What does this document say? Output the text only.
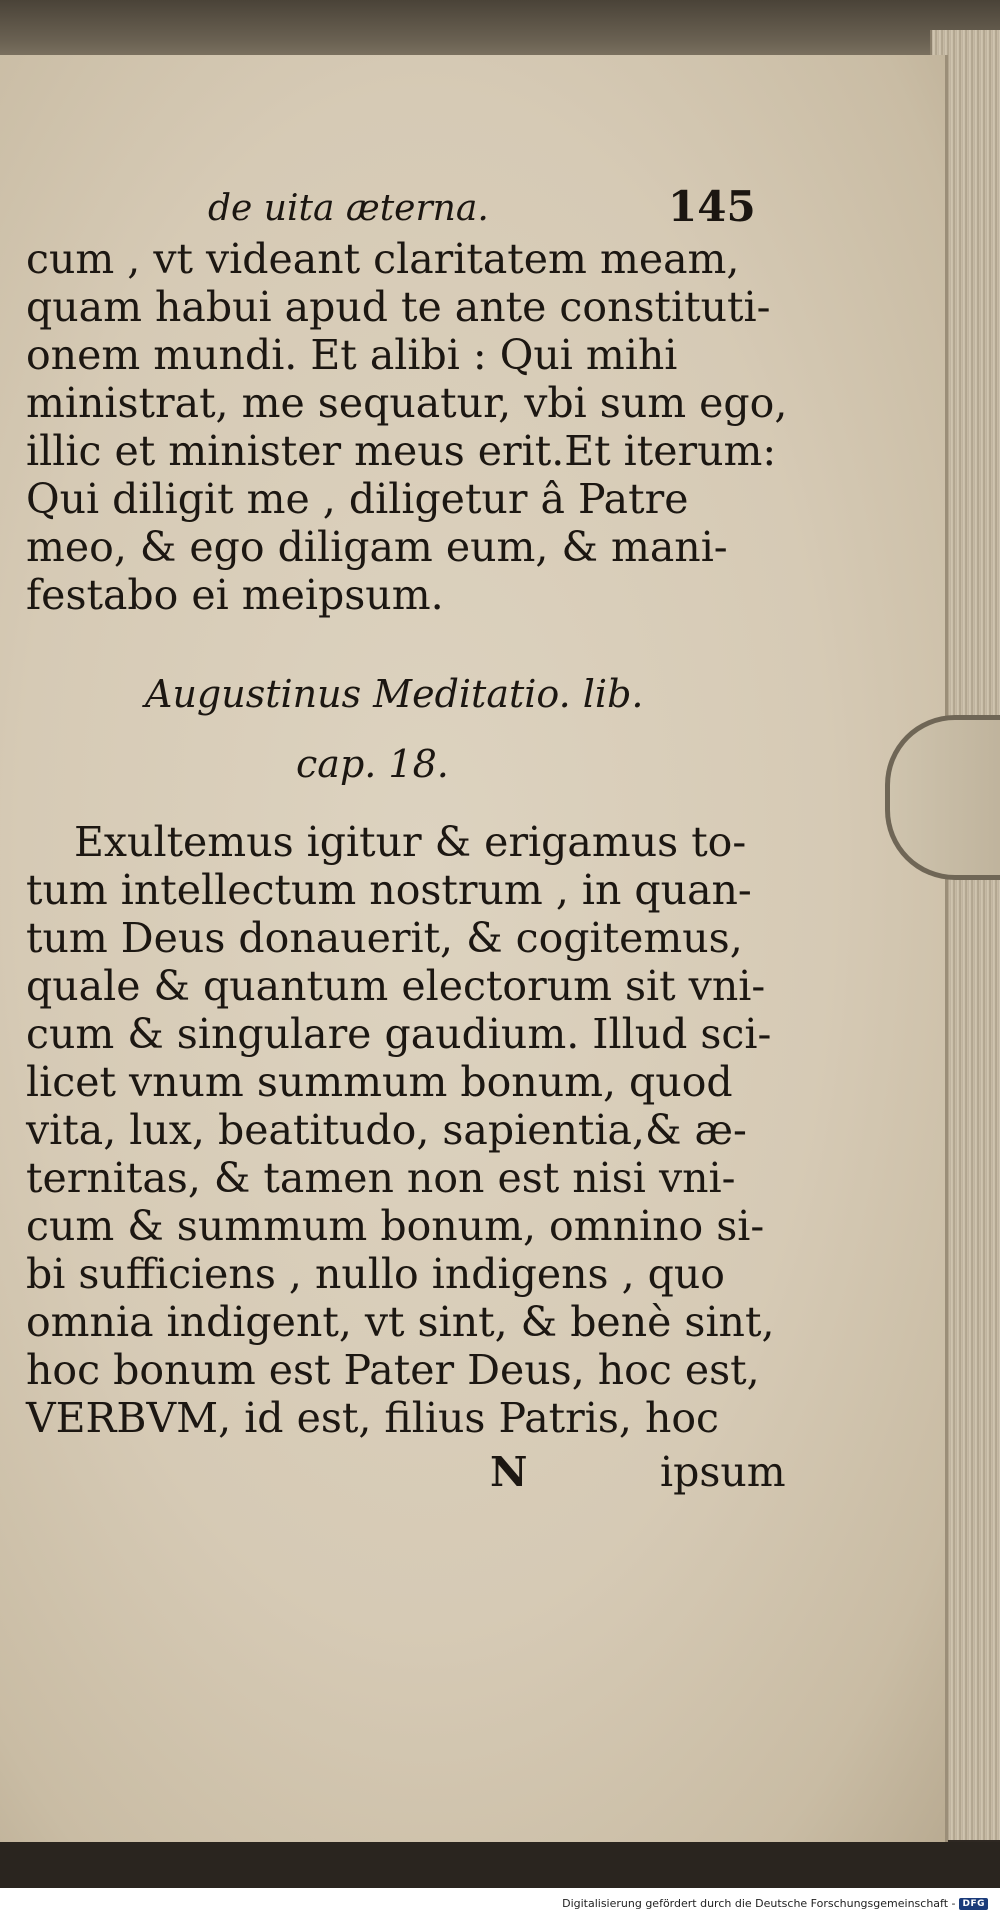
de uita æterna.	145
cum , vt videant claritatem meam,
quam habui apud te ante constituti-
onem mundi. Et alibi : Qui mihi
ministrat, me sequatur, vbi sum ego,
illic et minister meus erit.Et iterum:
Qui diligit me , diligetur â Patre
meo, & ego diligam eum, & mani-
festabo ei meipsum.
Augustinus Meditatio. lib.
cap. 18.
Exultemus igitur & erigamus to-
tum intellectum nostrum , in quan-
tum Deus donauerit, & cogitemus,
quale & quantum electorum sit vni-
cum & singulare gaudium. Illud sci-
licet vnum summum bonum, quod
vita, lux, beatitudo, sapientia,& æ-
ternitas, & tamen non est nisi vni-
cum & summum bonum, omnino si-
bi sufficiens , nullo indigens , quo
omnia indigent, vt sint, & benè sint,
hoc bonum est Pater Deus, hoc est,
VERBVM, id est, filius Patris, hoc
N	ipsum
Digitalisierung gefördert durch die Deutsche Forschungsgemeinschaft - DFG
